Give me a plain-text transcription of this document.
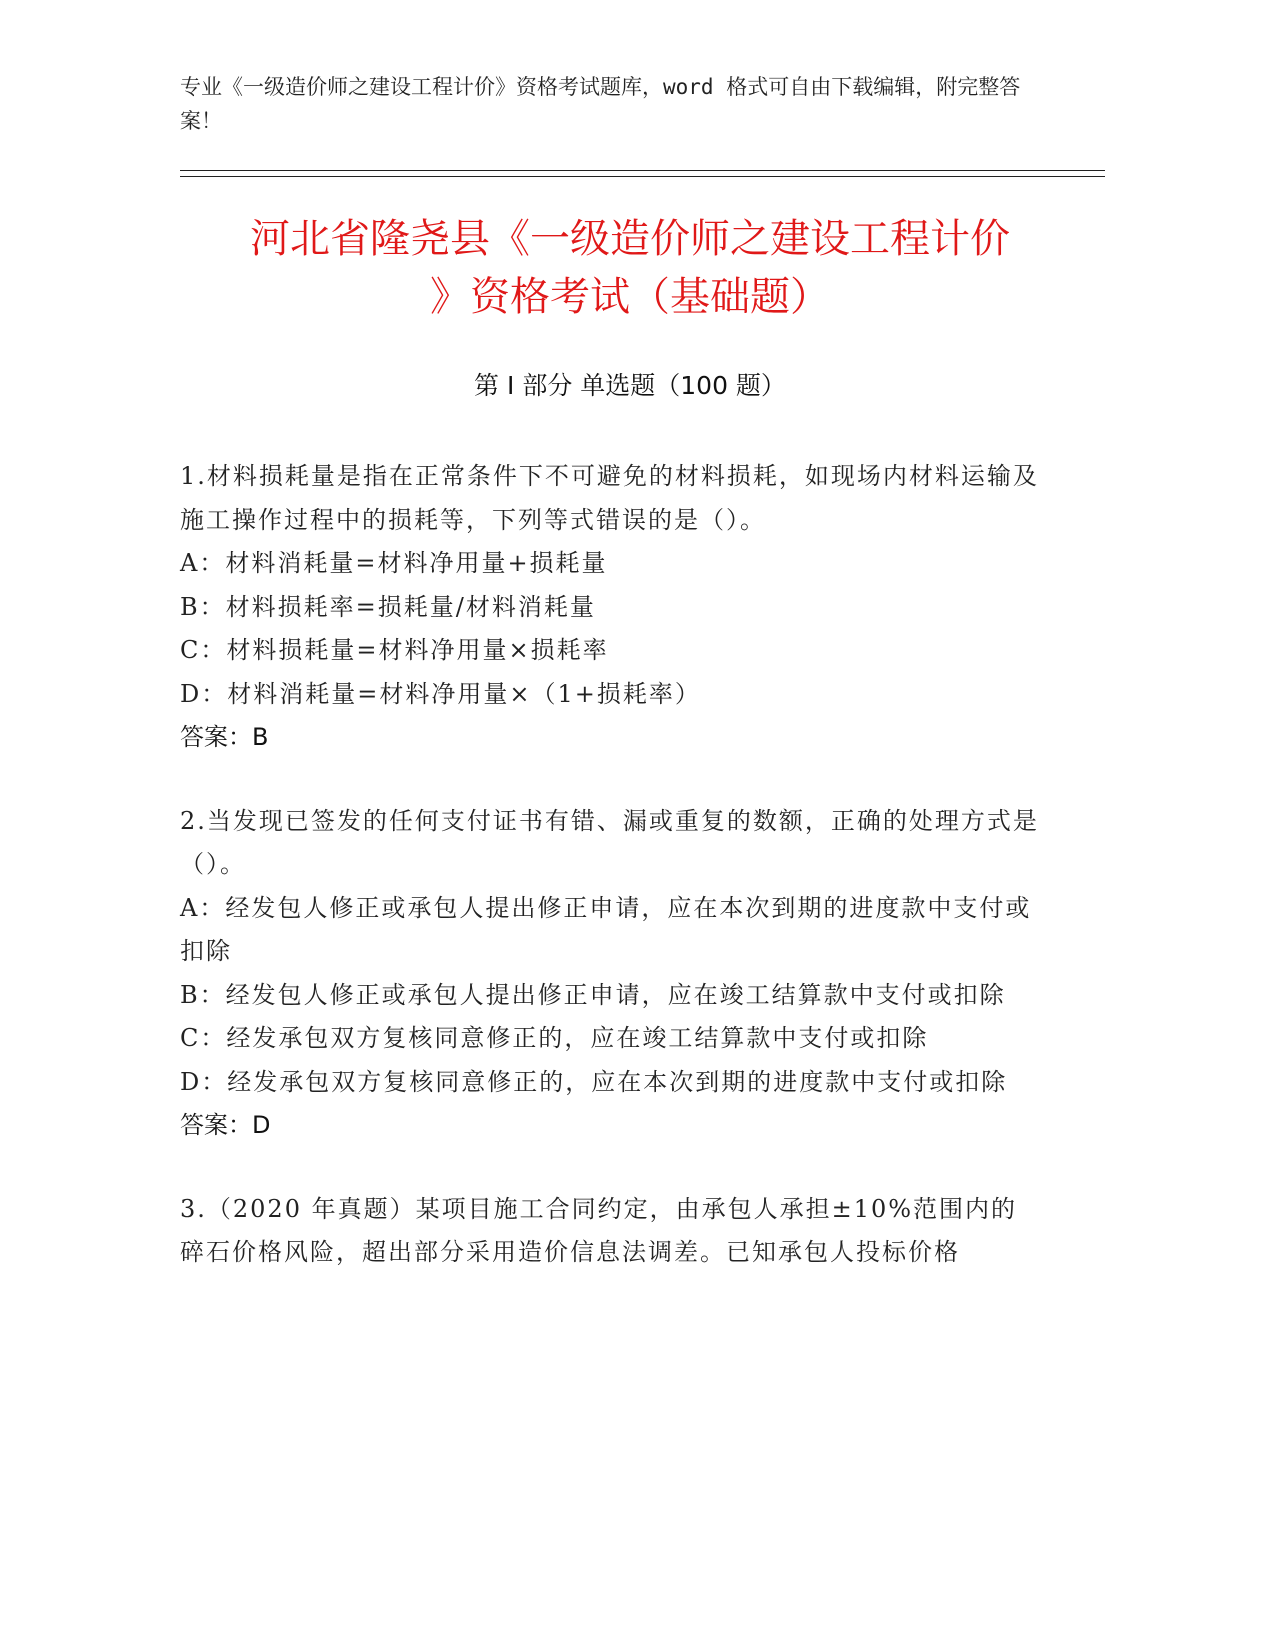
专业《一级造价师之建设工程计价》资格考试题库，word 格式可自由下载编辑，附完整答案！

河北省隆尧县《一级造价师之建设工程计价
》资格考试（基础题）
第 I 部分 单选题（100 题）

1.材料损耗量是指在正常条件下不可避免的材料损耗，如现场内材料运输及施工操作过程中的损耗等，下列等式错误的是（）。

A：材料消耗量=材料净用量+损耗量

B：材料损耗率=损耗量/材料消耗量

C：材料损耗量=材料净用量×损耗率

D：材料消耗量=材料净用量×（1+损耗率）

答案：B

2.当发现已签发的任何支付证书有错、漏或重复的数额，正确的处理方式是（）。

A：经发包人修正或承包人提出修正申请，应在本次到期的进度款中支付或扣除

B：经发包人修正或承包人提出修正申请，应在竣工结算款中支付或扣除

C：经发承包双方复核同意修正的，应在竣工结算款中支付或扣除

D：经发承包双方复核同意修正的，应在本次到期的进度款中支付或扣除

答案：D

3.（2020 年真题）某项目施工合同约定，由承包人承担±10%范围内的碎石价格风险，超出部分采用造价信息法调差。已知承包人投标价格
